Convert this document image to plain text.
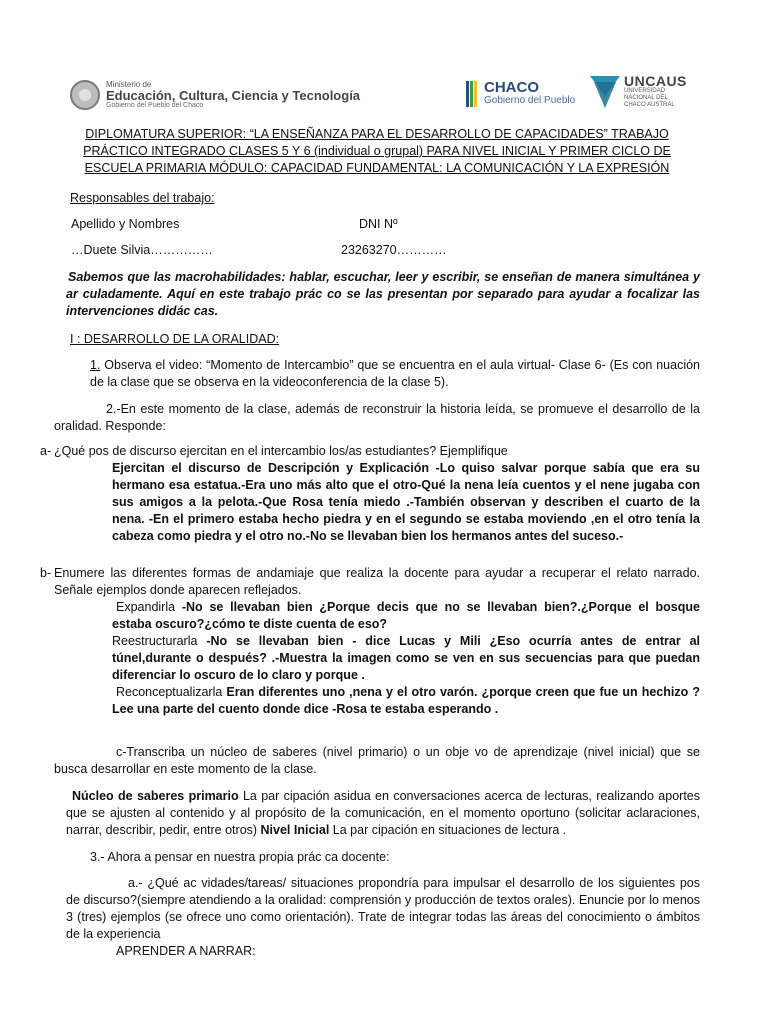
Ministerio de
Educación, Cultura, Ciencia y Tecnología
Gobierno del Pueblo del Chaco
CHACO
Gobierno del Pueblo
UNCAUS
UNIVERSIDAD
NACIONAL DEL
CHACO AUSTRAL

DIPLOMATURA SUPERIOR: “LA ENSEÑANZA PARA EL DESARROLLO DE CAPACIDADES” TRABAJO

PRÁCTICO INTEGRADO CLASES 5 Y 6 (individual o grupal) PARA NIVEL INICIAL Y PRIMER CICLO DE

ESCUELA PRIMARIA MÓDULO: CAPACIDAD FUNDAMENTAL: LA COMUNICACIÓN Y LA EXPRESIÓN

Responsables del trabajo:

Apellido y Nombres	DNI Nº
…Duete Silvia……………	23263270…………

Sabemos que las macrohabilidades: hablar, escuchar, leer y escribir, se enseñan de manera simultánea y ar culadamente. Aquí en este trabajo prác co se las presentan por separado para ayudar a focalizar las intervenciones didác cas.

I : DESARROLLO DE LA ORALIDAD:

1. Observa el video: “Momento de Intercambio” que se encuentra en el aula virtual- Clase 6- (Es con nuación de la clase que se observa en la videoconferencia de la clase 5).

2.-En este momento de la clase, además de reconstruir la historia leída, se promueve el desarrollo de la oralidad. Responde:

a- ¿Qué pos de discurso ejercitan en el intercambio los/as estudiantes? Ejemplifique

Ejercitan el discurso de Descripción y Explicación -Lo quiso salvar porque sabía que era su hermano esa estatua.-Era uno más alto que el otro-Qué la nena leía cuentos y el nene jugaba con sus amigos a la pelota.-Que Rosa tenía miedo .-También observan y describen el cuarto de la nena. -En el primero estaba hecho piedra y en el segundo se estaba moviendo ,en el otro tenía la cabeza como piedra y el otro no.-No se llevaban bien los hermanos antes del suceso.-

b- Enumere las diferentes formas de andamiaje que realiza la docente para ayudar a recuperar el relato narrado. Señale ejemplos donde aparecen reflejados.
Expandirla -No se llevaban bien ¿Porque decis que no se llevaban bien?.¿Porque el bosque estaba oscuro?¿cómo te diste cuenta de eso?
Reestructurarla -No se llevaban bien - dice Lucas y Mili ¿Eso ocurría antes de entrar al túnel,durante o después? .-Muestra la imagen como se ven en sus secuencias para que puedan diferenciar lo oscuro de lo claro y porque .
Reconceptualizarla Eran diferentes uno ,nena y el otro varón. ¿porque creen que fue un hechizo ?Lee una parte del cuento donde dice -Rosa te estaba esperando .

c-Transcriba un núcleo de saberes (nivel primario) o un obje vo de aprendizaje (nivel inicial) que se busca desarrollar en este momento de la clase.

Núcleo de saberes primario La par cipación asidua en conversaciones acerca de lecturas, realizando aportes que se ajusten al contenido y al propósito de la comunicación, en el momento oportuno (solicitar aclaraciones, narrar, describir, pedir, entre otros) Nivel Inicial La par cipación en situaciones de lectura .

3.- Ahora a pensar en nuestra propia prác ca docente:

a.- ¿Qué ac vidades/tareas/ situaciones propondría para impulsar el desarrollo de los siguientes pos de discurso?(siempre atendiendo a la oralidad: comprensión y producción de textos orales). Enuncie por lo menos 3 (tres) ejemplos (se ofrece uno como orientación). Trate de integrar todas las áreas del conocimiento o ámbitos de la experiencia

APRENDER A NARRAR:
